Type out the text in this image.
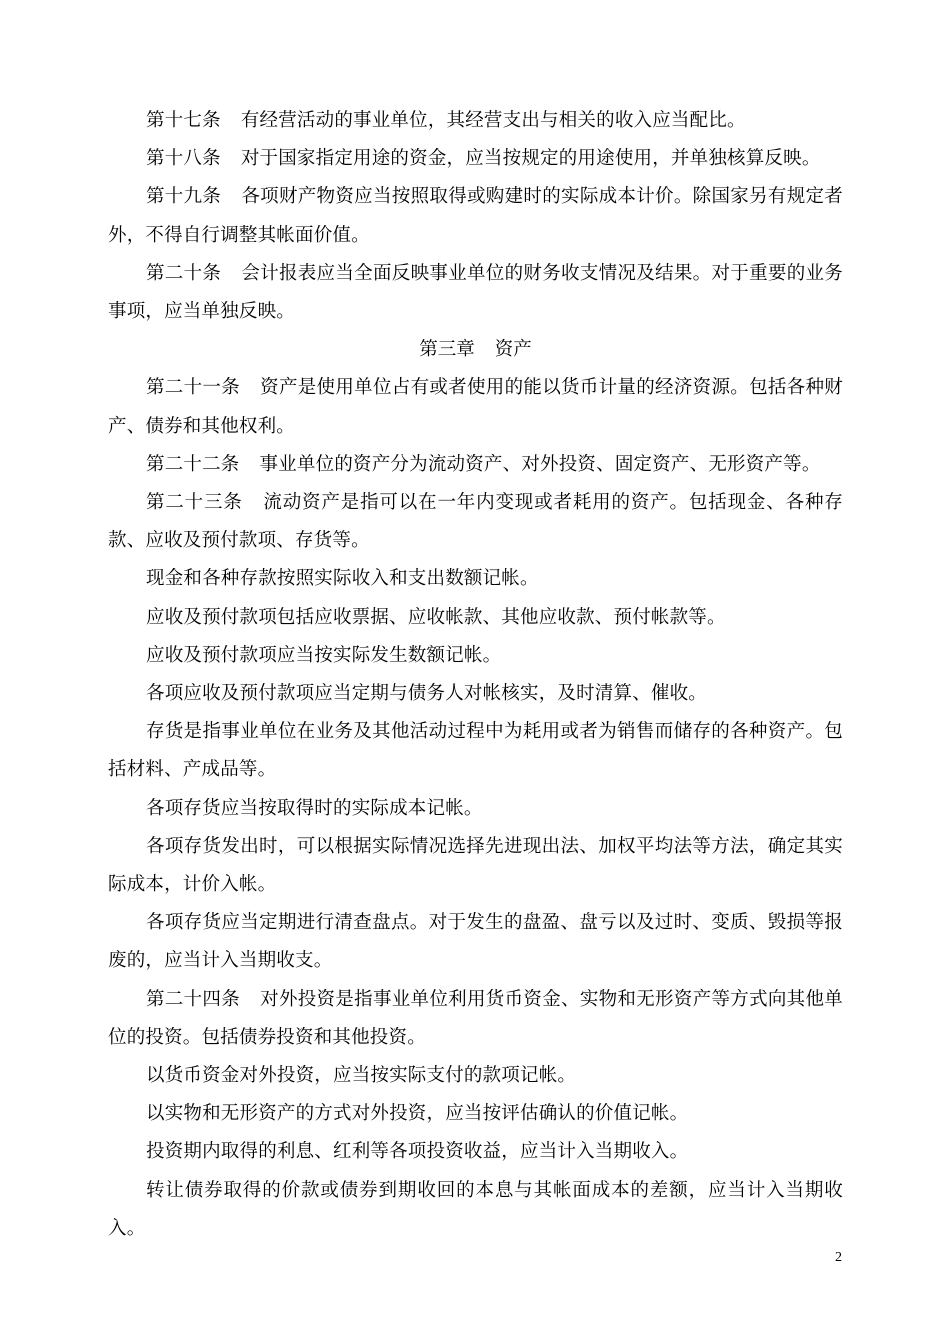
第十七条 有经营活动的事业单位，其经营支出与相关的收入应当配比。

第十八条 对于国家指定用途的资金，应当按规定的用途使用，并单独核算反映。

第十九条 各项财产物资应当按照取得或购建时的实际成本计价。除国家另有规定者外，不得自行调整其帐面价值。

第二十条 会计报表应当全面反映事业单位的财务收支情况及结果。对于重要的业务事项，应当单独反映。

第三章 资产

第二十一条 资产是使用单位占有或者使用的能以货币计量的经济资源。包括各种财产、债券和其他权利。

第二十二条 事业单位的资产分为流动资产、对外投资、固定资产、无形资产等。

第二十三条 流动资产是指可以在一年内变现或者耗用的资产。包括现金、各种存款、应收及预付款项、存货等。

现金和各种存款按照实际收入和支出数额记帐。

应收及预付款项包括应收票据、应收帐款、其他应收款、预付帐款等。

应收及预付款项应当按实际发生数额记帐。

各项应收及预付款项应当定期与债务人对帐核实，及时清算、催收。

存货是指事业单位在业务及其他活动过程中为耗用或者为销售而储存的各种资产。包括材料、产成品等。

各项存货应当按取得时的实际成本记帐。

各项存货发出时，可以根据实际情况选择先进现出法、加权平均法等方法，确定其实际成本，计价入帐。

各项存货应当定期进行清查盘点。对于发生的盘盈、盘亏以及过时、变质、毁损等报废的，应当计入当期收支。

第二十四条 对外投资是指事业单位利用货币资金、实物和无形资产等方式向其他单位的投资。包括债券投资和其他投资。

以货币资金对外投资，应当按实际支付的款项记帐。

以实物和无形资产的方式对外投资，应当按评估确认的价值记帐。

投资期内取得的利息、红利等各项投资收益，应当计入当期收入。

转让债券取得的价款或债券到期收回的本息与其帐面成本的差额，应当计入当期收入。

2
